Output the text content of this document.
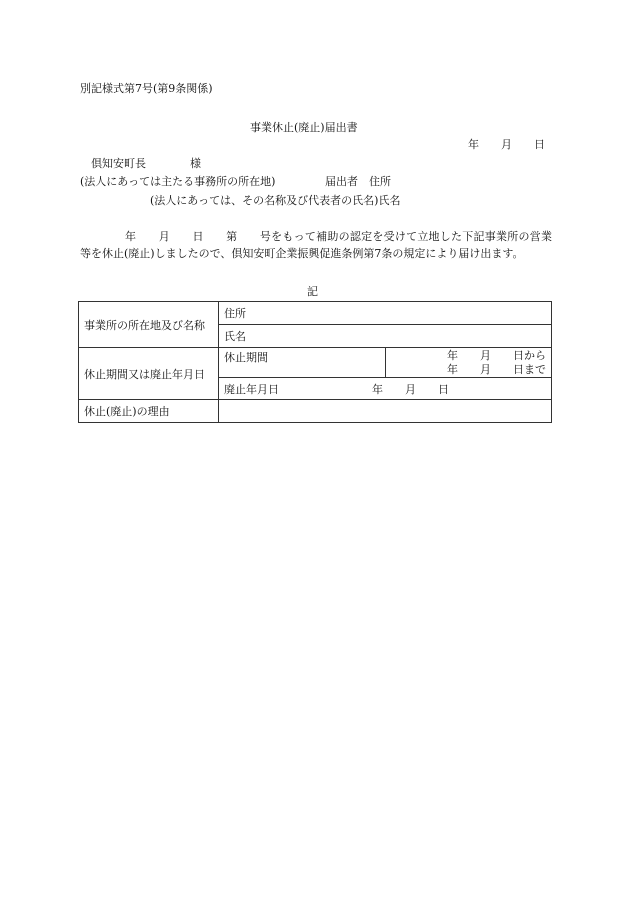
別記様式第7号(第9条関係)
事業休止(廃止)届出書
年　　月　　日
倶知安町長　　　　様
(法人にあっては主たる事務所の所在地)	届出者　住所
(法人にあっては、その名称及び代表者の氏名)氏名
　　　　年　　月　　日　　第　　号をもって補助の認定を受けて立地した下記事業所の営業等を休止(廃止)しましたので、倶知安町企業振興促進条例第7条の規定により届け出ます。
記
事業所の所在地及び名称	住所	
	氏名	
休止期間又は廃止年月日	休止期間	年　　月　　日から
年　　月　　日まで

	廃止年月日 年　　月　　日	

休止(廃止)の理由		
